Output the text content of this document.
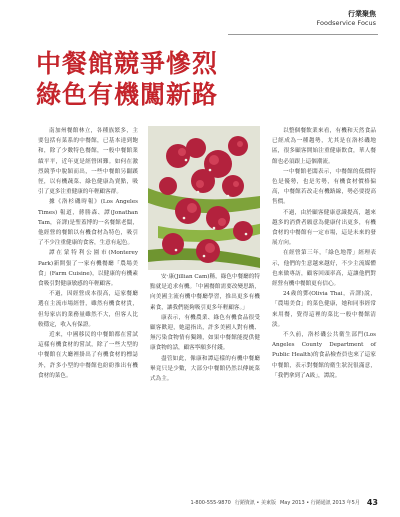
行業聚焦
Foodservice Focus
中餐館競爭慘烈
綠色有機闖新路

南加州餐館林立，各種族繁多，主要包括有菜系的中餐館，已基本達到飽和，除了少數特色餐館，一般中餐館業績平平，近年更是經營困難。如何在激烈競爭中脫穎而出，一些中餐館另闢蹊徑，以有機蔬菜、綠色健康為賣點，吸引了更多注重健康的年輕顧客群。

據《洛杉磯時報》(Los Angeles Times) 報道，蔣勝森、譚(Jonathan Tam，音譯)是聖蓋博的一名餐館老闆，他經營的餐館以有機食材為特色，吸引了不少注重健康的食客，生意有起色。

譚在蒙特利公園市(Monterey Park)新開張了一家有機餐廳「農場美食」(Farm Cuisine)，以健康的有機素食吸引對健康敏感的年輕顧客。

不過，因經營成本很高，這家餐廳選在主流市場經營，雖然有機食材貴，但每家店的業務量雖然不大，但客人比較穩定，收入有保證。

近來，中國移民的中餐館都在嘗試這樣有機食材的嘗試，除了一些大型的中餐館在大廳裡掛出了有機食材的標誌外，許多小型的中餐館也紛紛推出有機食材的菜色。

安·康(Jillian Cam)稱，綠色中餐廳的特點就是追求有機。「中國餐館需要改變思路，向美國主流有機中餐廳學習，推出更多有機素食，讓我們能夠吸引更多年輕顧客。」

康表示，有機農業、綠色有機食品很受顧客歡迎，她還指出，許多美國人對有機、無污染食物情有獨鍾，如果中餐館能提供健康食物的話，顧客寧願多付錢。

盡管如此，像康和譚這樣的有機中餐廳畢竟只是少數，大部分中餐館仍然以傳統菜式為主。

以整個餐飲業來看，有機和天然食品已經成為一種趨勢，尤其是在洛杉磯地區，很多顧客開始注重健康飲食，華人餐館也必須跟上這個潮流。

一中餐館老闆表示，中餐館的低價特色是優勢，也是劣勢，有機食材價格偏高，中餐館若改走有機路線，勢必要提高售價。

不過，由於顧客健康意識提高，越來越多的消費者願意為健康付出更多，有機食材的中餐館有一定市場，這是未來的發展方向。

在經營第三年，「綠色地帶」經理表示，他們的生意越來越好，不少主流媒體也來做專訪，顧客回頭率高，這讓他們對經營有機中餐館更有信心。

24歲的鄧(Olivia Thai，音譯)說，「農場美食」的菜色健康，她和同事經常來用餐，覺得這裡的菜比一般中餐館清淡。

不久前，洛杉磯公共衛生部門(Los Angeles County Department of Public Health)的食品檢查員也來了這家中餐館，表示對餐館的衛生狀況很滿意，「我們拿到了A級」，譚說。

1-800-555-9870 行銷資訊 • 美東版 May 2013 • 行銷通訊 2013 年5月 43
